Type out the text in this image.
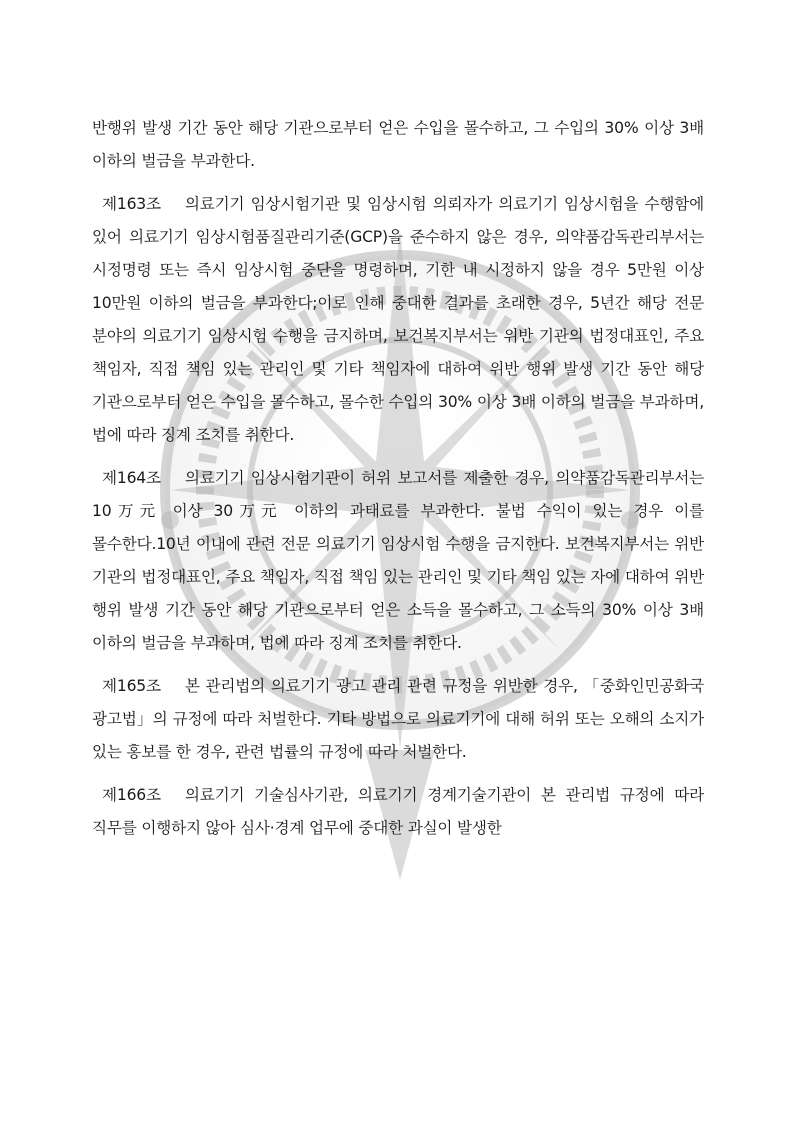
반행위 발생 기간 동안 해당 기관으로부터 얻은 수입을 몰수하고, 그 수입의 30% 이상 3배 이하의 벌금을 부과한다.

제163조 의료기기 임상시험기관 및 임상시험 의뢰자가 의료기기 임상시험을 수행함에 있어 의료기기 임상시험품질관리기준(GCP)을 준수하지 않은 경우, 의약품감독관리부서는 시정명령 또는 즉시 임상시험 중단을 명령하며, 기한 내 시정하지 않을 경우 5만원 이상 10만원 이하의 벌금을 부과한다;이로 인해 중대한 결과를 초래한 경우, 5년간 해당 전문 분야의 의료기기 임상시험 수행을 금지하며, 보건복지부서는 위반 기관의 법정대표인, 주요 책임자, 직접 책임 있는 관리인 및 기타 책임자에 대하여 위반 행위 발생 기간 동안 해당 기관으로부터 얻은 수입을 몰수하고, 몰수한 수입의 30% 이상 3배 이하의 벌금을 부과하며, 법에 따라 징계 조치를 취한다.

제164조 의료기기 임상시험기관이 허위 보고서를 제출한 경우, 의약품감독관리부서는 10万元 이상 30万元 이하의 과태료를 부과한다. 불법 수익이 있는 경우 이를 몰수한다.10년 이내에 관련 전문 의료기기 임상시험 수행을 금지한다. 보건복지부서는 위반 기관의 법정대표인, 주요 책임자, 직접 책임 있는 관리인 및 기타 책임 있는 자에 대하여 위반 행위 발생 기간 동안 해당 기관으로부터 얻은 소득을 몰수하고, 그 소득의 30% 이상 3배 이하의 벌금을 부과하며, 법에 따라 징계 조치를 취한다.

제165조 본 관리법의 의료기기 광고 관리 관련 규정을 위반한 경우, 「중화인민공화국 광고법」의 규정에 따라 처벌한다. 기타 방법으로 의료기기에 대해 허위 또는 오해의 소지가 있는 홍보를 한 경우, 관련 법률의 규정에 따라 처벌한다.

제166조 의료기기 기술심사기관, 의료기기 경계기술기관이 본 관리법 규정에 따라 직무를 이행하지 않아 심사·경계 업무에 중대한 과실이 발생한
